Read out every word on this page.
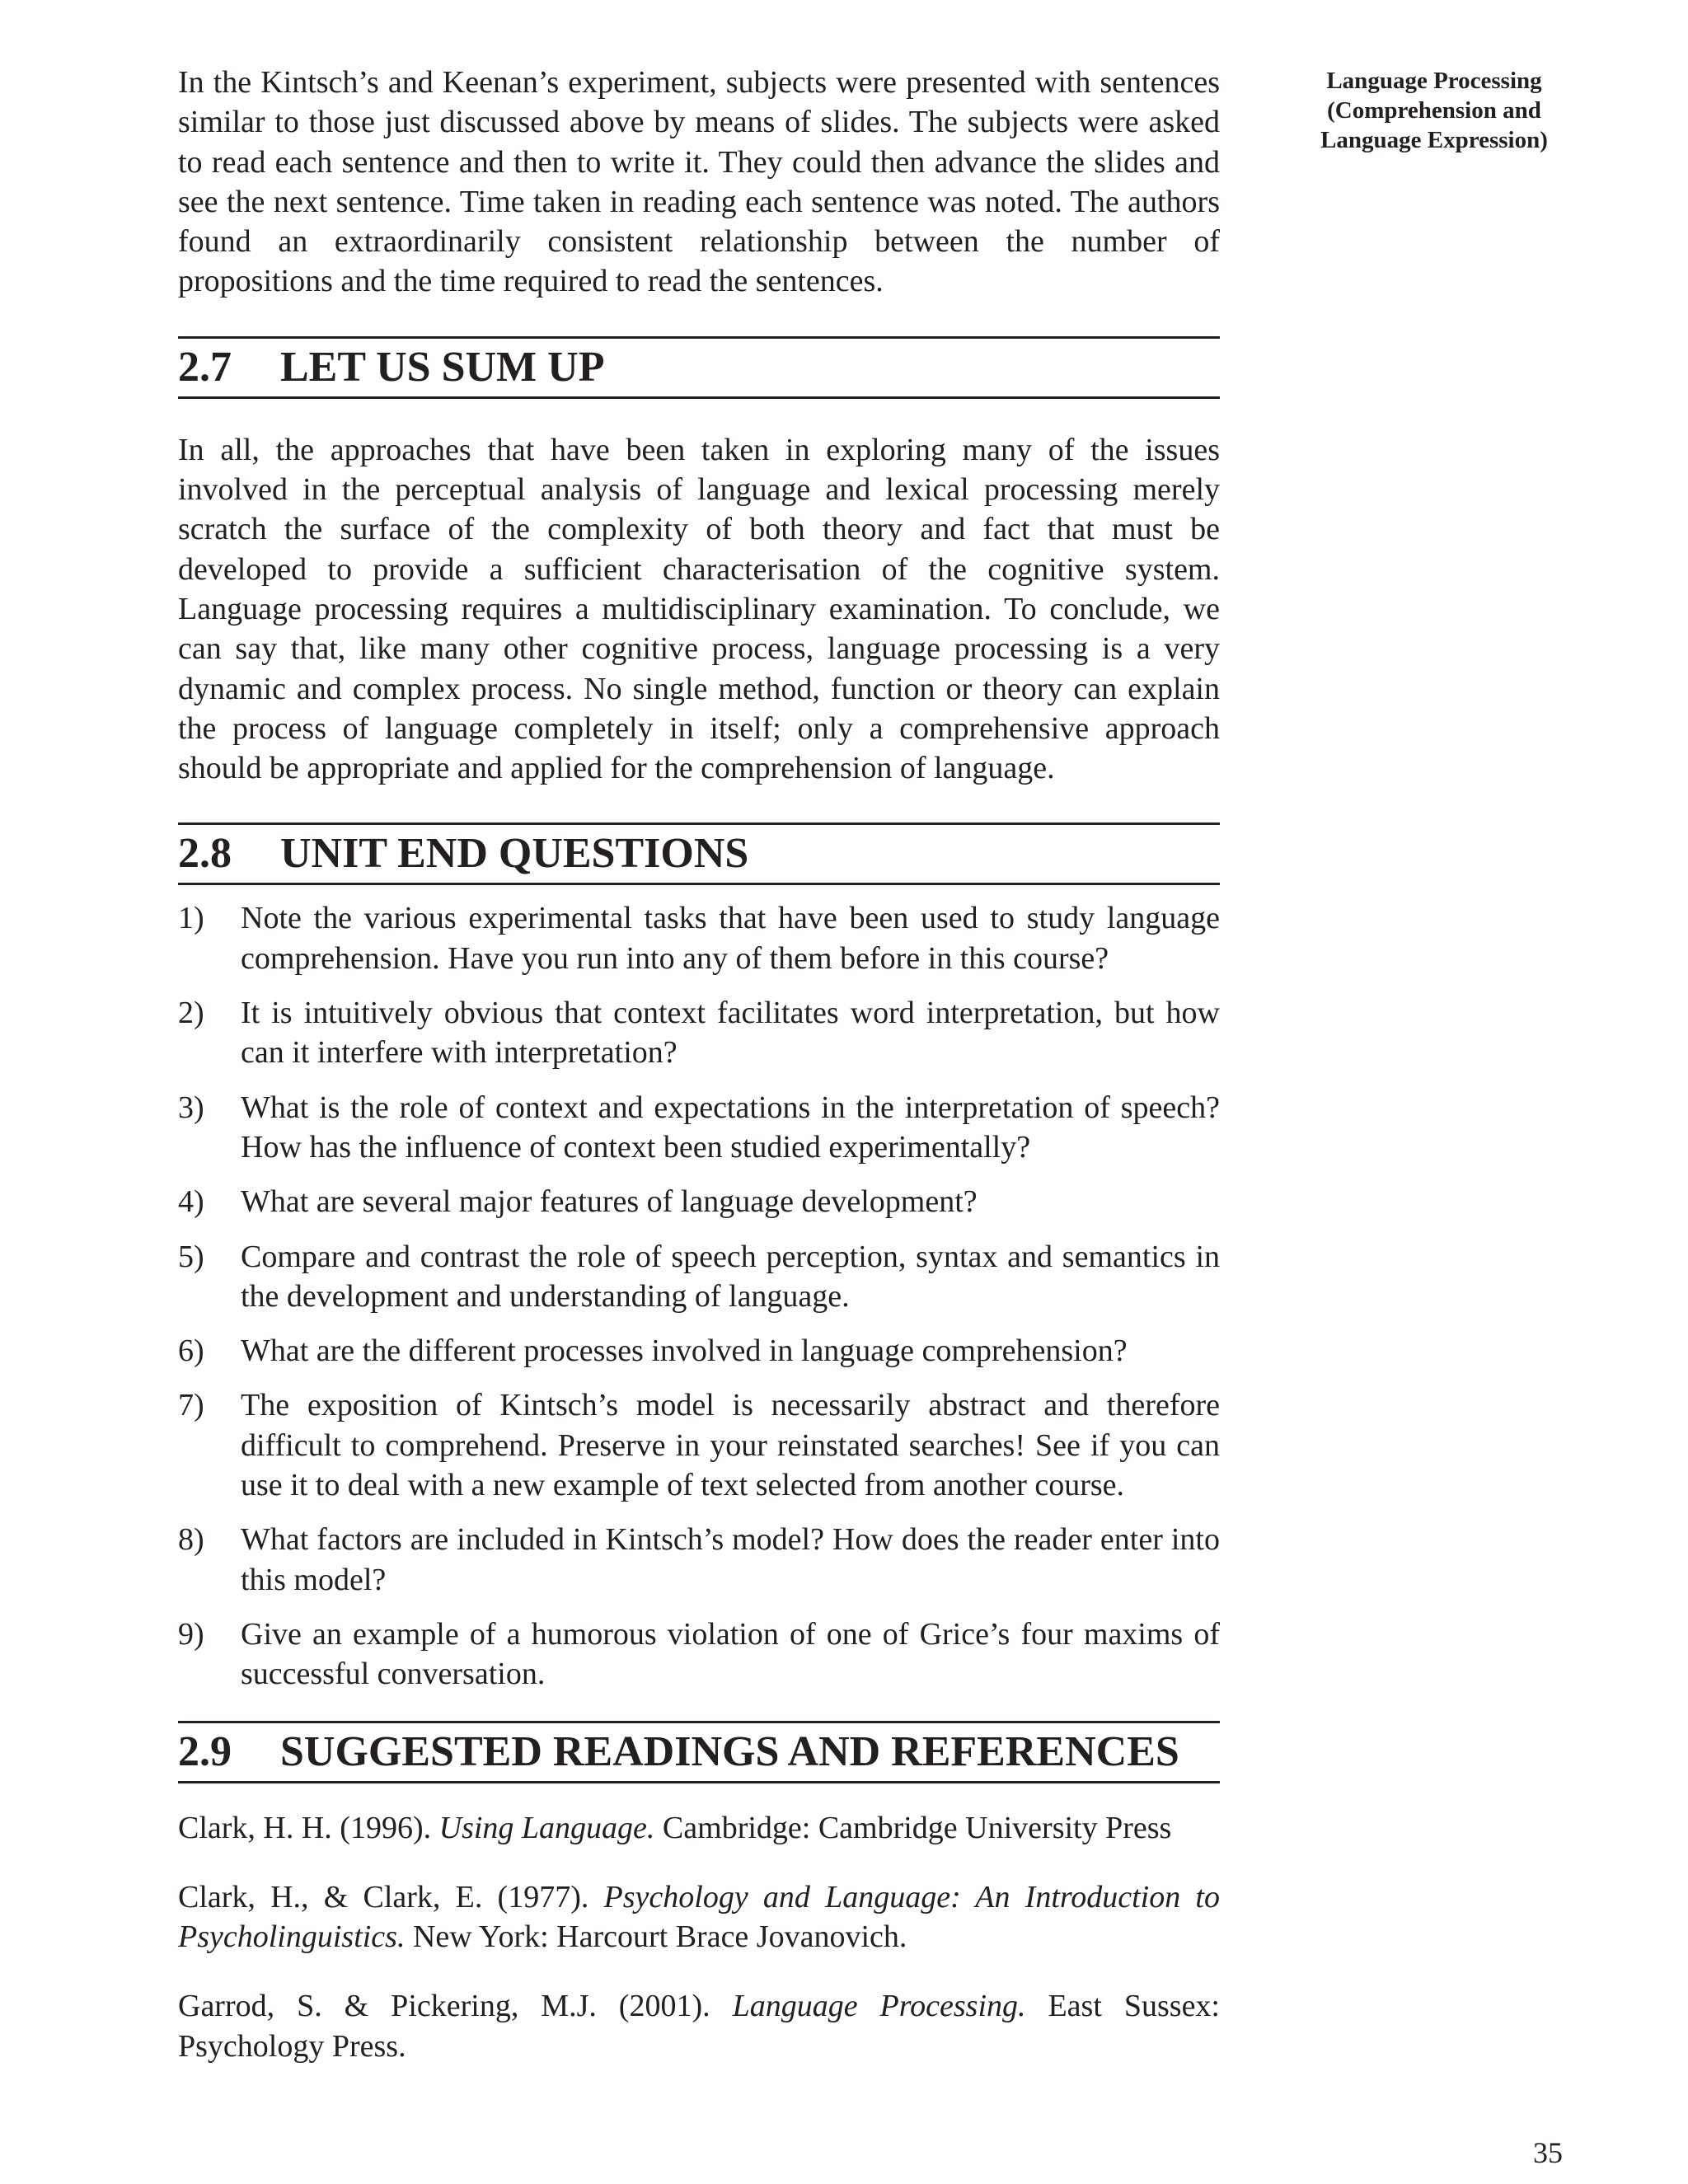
Language Processing
(Comprehension and
Language Expression)

In the Kintsch’s and Keenan’s experiment, subjects were presented with sentences similar to those just discussed above by means of slides. The subjects were asked to read each sentence and then to write it. They could then advance the slides and see the next sentence. Time taken in reading each sentence was noted. The authors found an extraordinarily consistent relationship between the number of propositions and the time required to read the sentences.

2.7 LET US SUM UP

In all, the approaches that have been taken in exploring many of the issues involved in the perceptual analysis of language and lexical processing merely scratch the surface of the complexity of both theory and fact that must be developed to provide a sufficient characterisation of the cognitive system. Language processing requires a multidisciplinary examination. To conclude, we can say that, like many other cognitive process, language processing is a very dynamic and complex process. No single method, function or theory can explain the process of language completely in itself; only a comprehensive approach should be appropriate and applied for the comprehension of language.

2.8 UNIT END QUESTIONS
1) Note the various experimental tasks that have been used to study language comprehension. Have you run into any of them before in this course?
2) It is intuitively obvious that context facilitates word interpretation, but how can it interfere with interpretation?
3) What is the role of context and expectations in the interpretation of speech? How has the influence of context been studied experimentally?
4) What are several major features of language development?
5) Compare and contrast the role of speech perception, syntax and semantics in the development and understanding of language.
6) What are the different processes involved in language comprehension?
7) The exposition of Kintsch’s model is necessarily abstract and therefore difficult to comprehend. Preserve in your reinstated searches! See if you can use it to deal with a new example of text selected from another course.
8) What factors are included in Kintsch’s model? How does the reader enter into this model?
9) Give an example of a humorous violation of one of Grice’s four maxims of successful conversation.
2.9 SUGGESTED READINGS AND REFERENCES

Clark, H. H. (1996). Using Language. Cambridge: Cambridge University Press

Clark, H., & Clark, E. (1977). Psychology and Language: An Introduction to Psycholinguistics. New York: Harcourt Brace Jovanovich.

Garrod, S. & Pickering, M.J. (2001). Language Processing. East Sussex: Psychology Press.

35
